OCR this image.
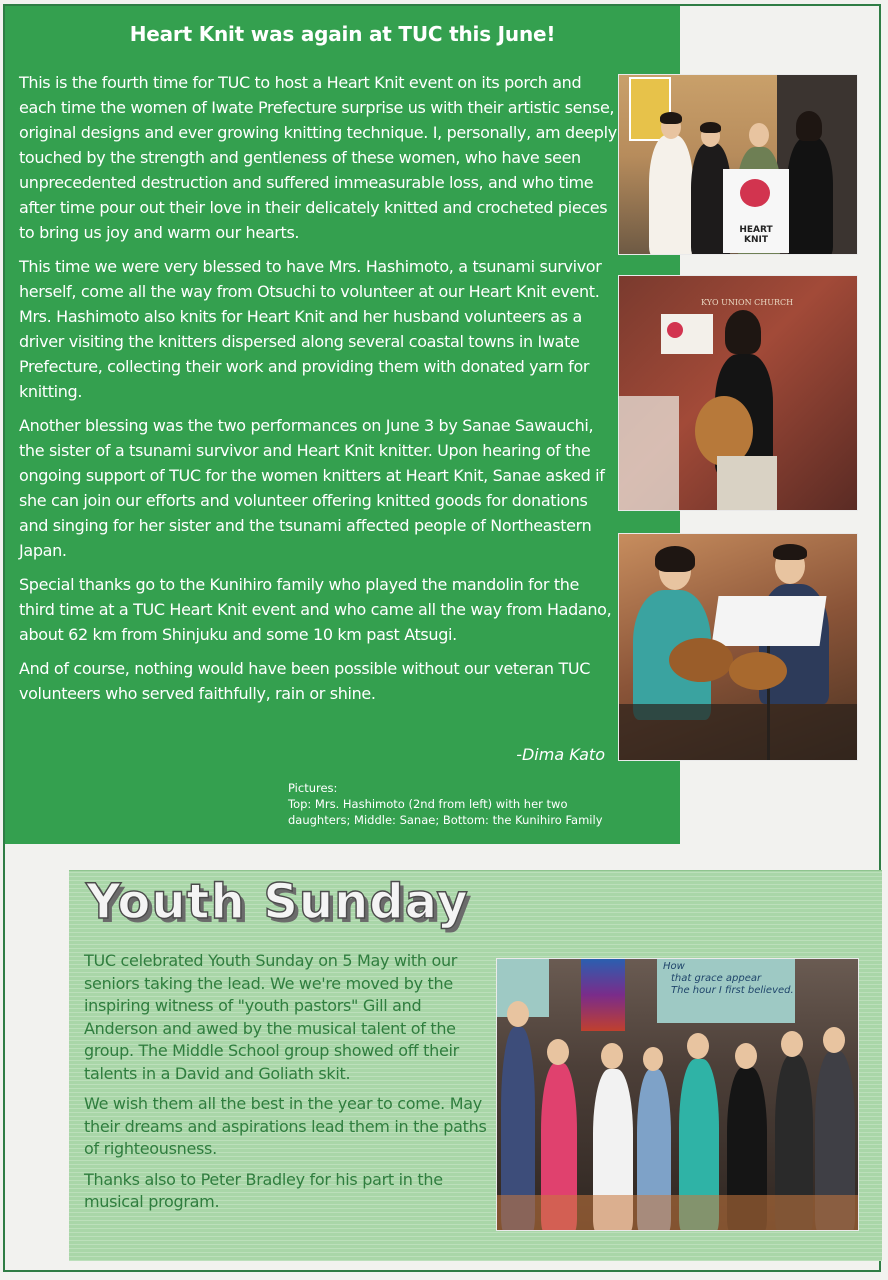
Heart Knit was again at TUC this June!

This is the fourth time for TUC to host a Heart Knit event on its porch and each time the women of Iwate Prefecture surprise us with their artistic sense, original designs and ever growing knitting technique. I, personally, am deeply touched by the strength and gentleness of these women, who have seen unprecedented destruction and suffered immeasurable loss, and who time after time pour out their love in their delicately knitted and crocheted pieces to bring us joy and warm our hearts.

This time we were very blessed to have Mrs. Hashimoto, a tsunami survivor herself, come all the way from Otsuchi to volunteer at our Heart Knit event. Mrs. Hashimoto also knits for Heart Knit and her husband volunteers as a driver visiting the knitters dispersed along several coastal towns in Iwate Prefecture, collecting their work and providing them with donated yarn for knitting.

Another blessing was the two performances on June 3 by Sanae Sawauchi, the sister of a tsunami survivor and Heart Knit knitter. Upon hearing of the ongoing support of TUC for the women knitters at Heart Knit, Sanae asked if she can join our efforts and volunteer offering knitted goods for donations and singing for her sister and the tsunami affected people of Northeastern Japan.

Special thanks go to the Kunihiro family who played the mandolin for the third time at a TUC Heart Knit event and who came all the way from Hadano, about 62 km from Shinjuku and some 10 km past Atsugi.

And of course, nothing would have been possible without our veteran TUC volunteers who served faithfully, rain or shine.

-Dima Kato
Pictures:
Top: Mrs. Hashimoto (2nd from left) with her two
daughters; Middle: Sanae; Bottom: the Kunihiro Family
HEART
KNIT
KYO UNION CHURCH
Youth Sunday

TUC celebrated Youth Sunday on 5 May with our seniors taking the lead. We we're moved by the inspiring witness of "youth pastors" Gill and Anderson and awed by the musical talent of the group. The Middle School group showed off their talents in a David and Goliath skit.

We wish them all the best in the year to come. May their dreams and aspirations lead them in the paths of righteousness.

Thanks also to Peter Bradley for his part in the musical program.

How
that grace appear
The hour I first believed.
